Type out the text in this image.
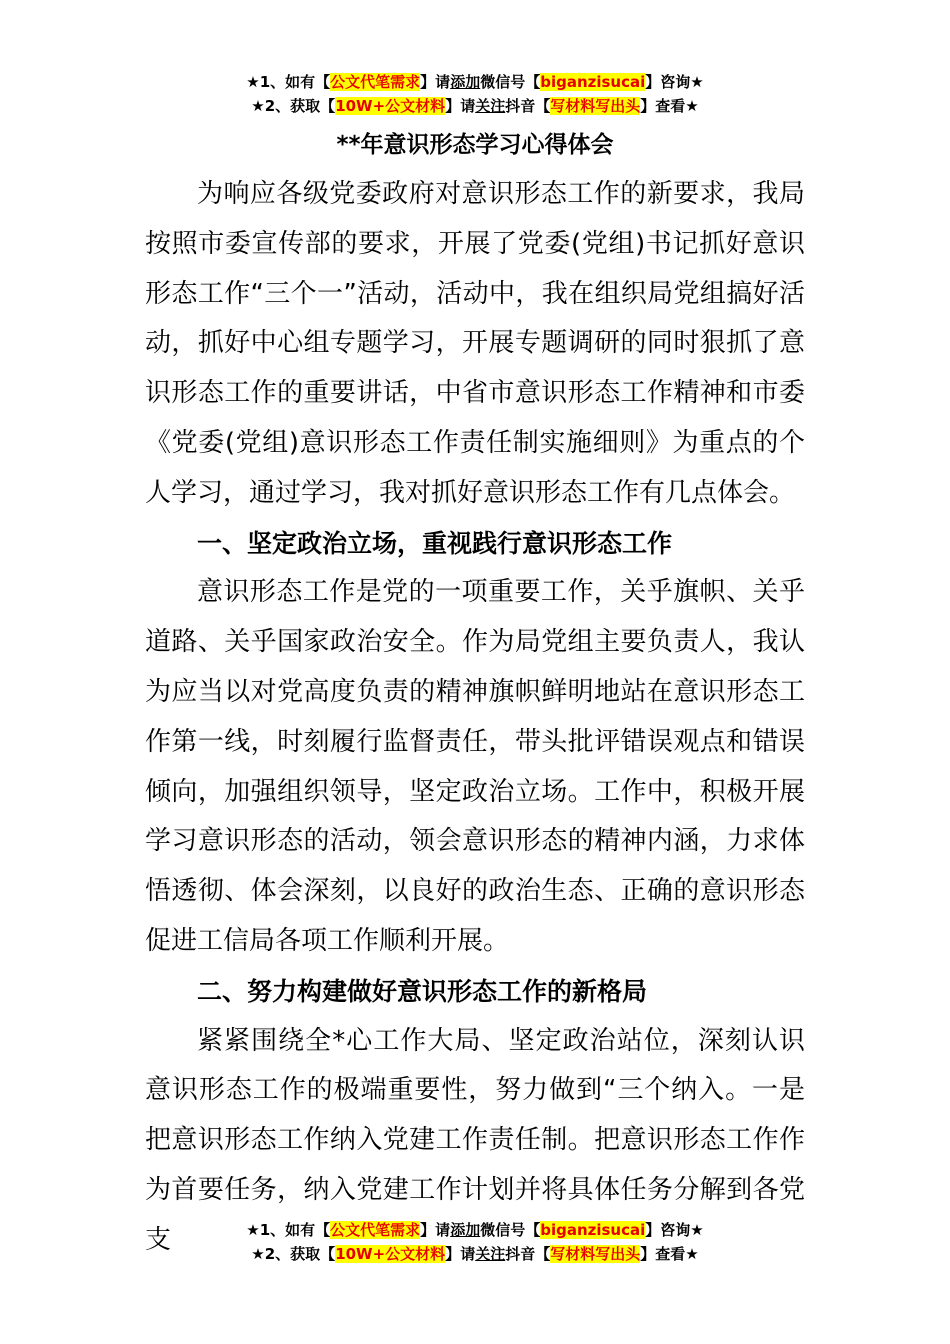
★1、如有【公文代笔需求】请添加微信号【biganzisucai】咨询★
★2、获取【10W+公文材料】请关注抖音【写材料写出头】查看★
**年意识形态学习心得体会

为响应各级党委政府对意识形态工作的新要求，我局按照市委宣传部的要求，开展了党委(党组)书记抓好意识形态工作“三个一”活动，活动中，我在组织局党组搞好活动，抓好中心组专题学习，开展专题调研的同时狠抓了意识形态工作的重要讲话，中省市意识形态工作精神和市委《党委(党组)意识形态工作责任制实施细则》为重点的个人学习，通过学习，我对抓好意识形态工作有几点体会。

一、坚定政治立场，重视践行意识形态工作

意识形态工作是党的一项重要工作，关乎旗帜、关乎道路、关乎国家政治安全。作为局党组主要负责人，我认为应当以对党高度负责的精神旗帜鲜明地站在意识形态工作第一线，时刻履行监督责任，带头批评错误观点和错误倾向，加强组织领导，坚定政治立场。工作中，积极开展学习意识形态的活动，领会意识形态的精神内涵，力求体悟透彻、体会深刻，以良好的政治生态、正确的意识形态促进工信局各项工作顺利开展。

二、努力构建做好意识形态工作的新格局

紧紧围绕全*心工作大局、坚定政治站位，深刻认识意识形态工作的极端重要性，努力做到“三个纳入。一是把意识形态工作纳入党建工作责任制。把意识形态工作作为首要任务，纳入党建工作计划并将具体任务分解到各党支	★1、如有【公文代笔需求】请添加微信号【biganzisucai】咨询★
★2、获取【10W+公文材料】请关注抖音【写材料写出头】查看★
